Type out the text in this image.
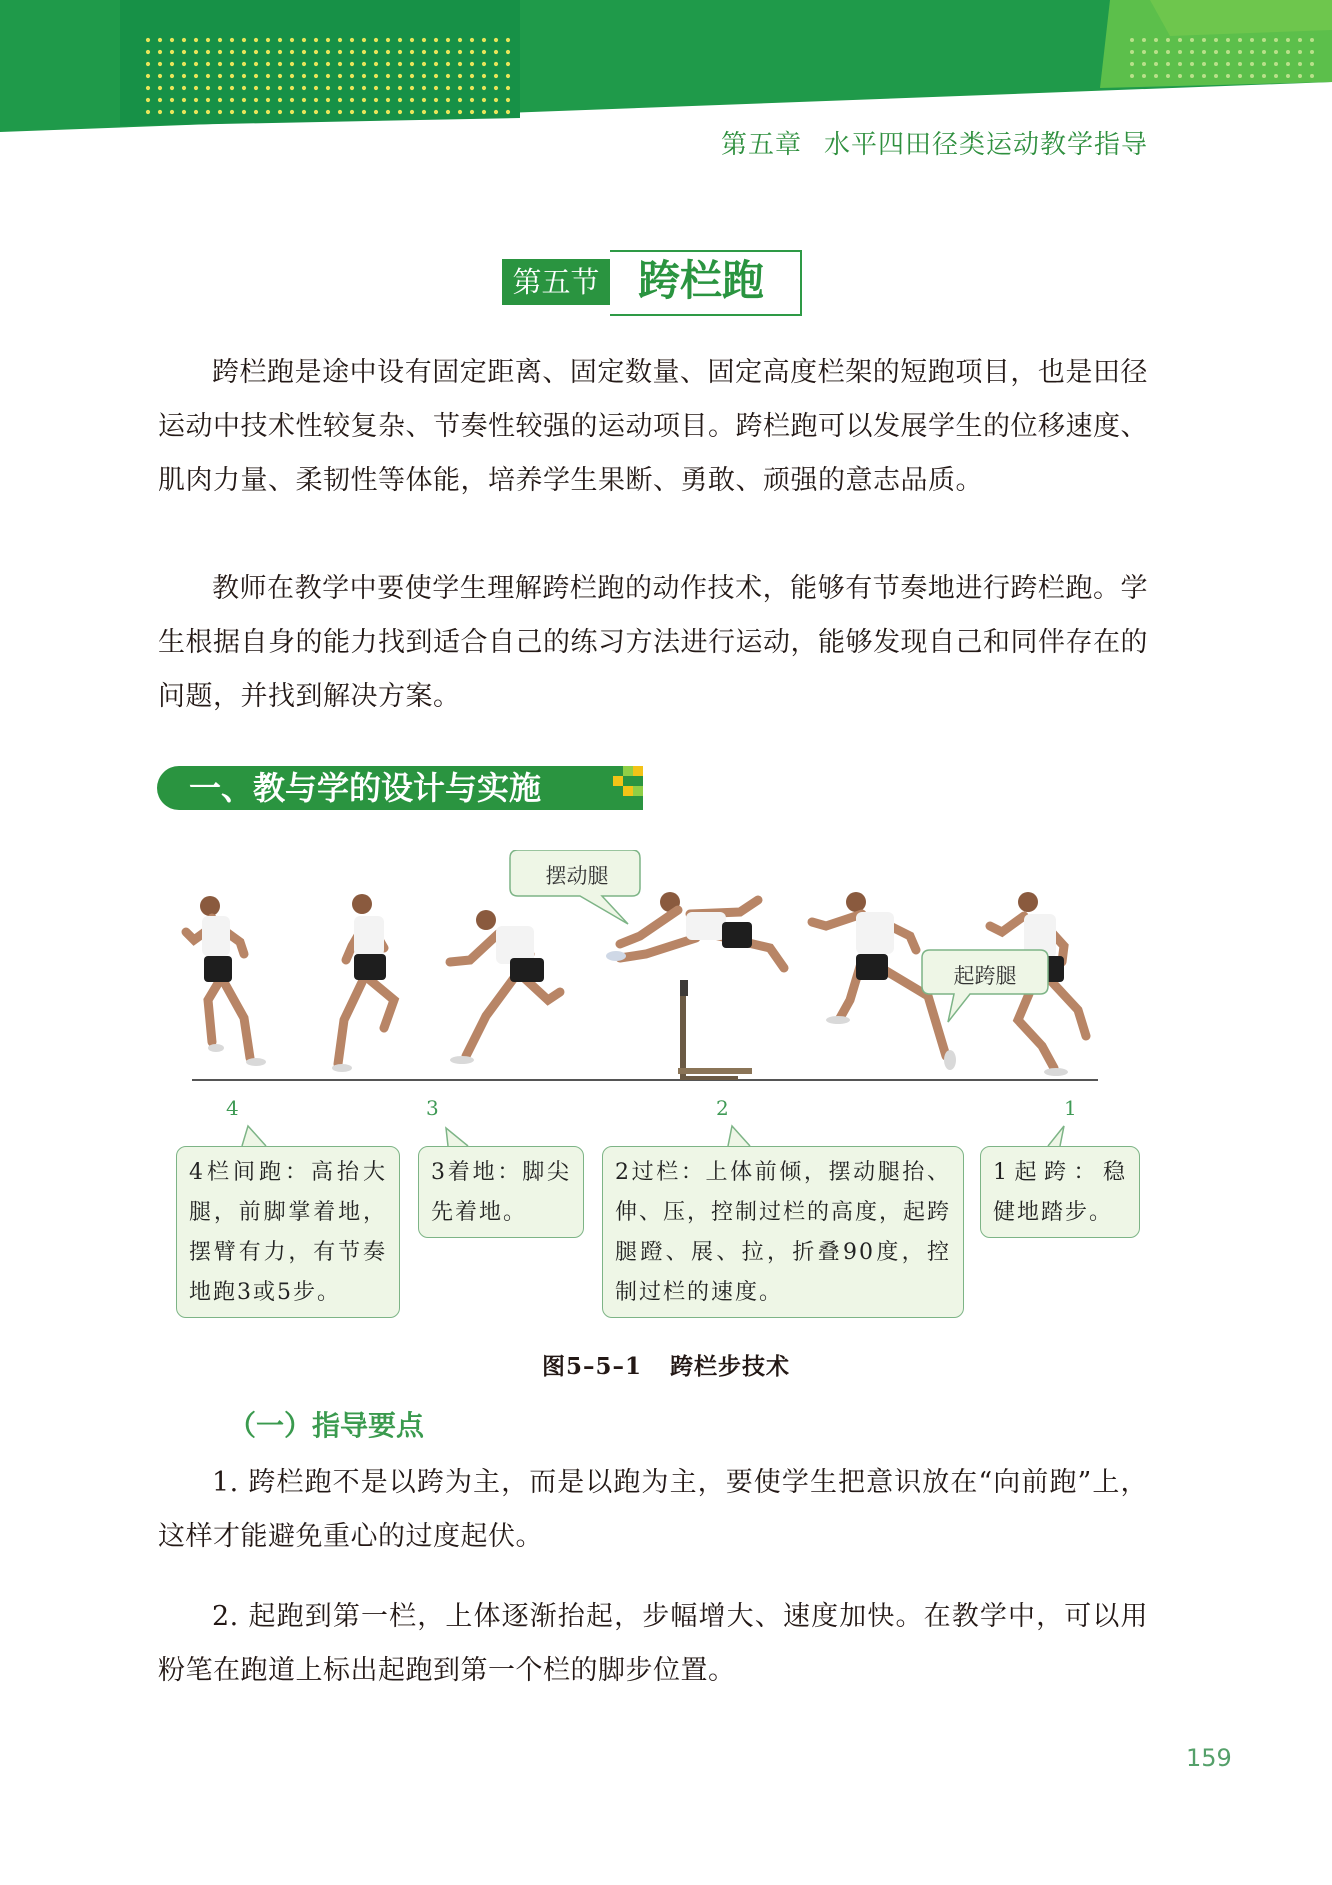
第五章 水平四田径类运动教学指导
第五节 跨栏跑

跨栏跑是途中设有固定距离、固定数量、固定高度栏架的短跑项目，也是田径运动中技术性较复杂、节奏性较强的运动项目。跨栏跑可以发展学生的位移速度、肌肉力量、柔韧性等体能，培养学生果断、勇敢、顽强的意志品质。

教师在教学中要使学生理解跨栏跑的动作技术，能够有节奏地进行跨栏跑。学生根据自身的能力找到适合自己的练习方法进行运动，能够发现自己和同伴存在的问题，并找到解决方案。

一、教与学的设计与实施
摆动腿
起跨腿
4	3	2	1
4栏间跑：高抬大腿，前脚掌着地，摆臂有力，有节奏地跑3或5步。
3着地：脚尖先着地。
2过栏：上体前倾，摆动腿抬、伸、压，控制过栏的高度，起跨腿蹬、展、拉，折叠90度，控制过栏的速度。
1起跨：稳健地踏步。
图5–5–1 跨栏步技术
（一）指导要点

1. 跨栏跑不是以跨为主，而是以跑为主，要使学生把意识放在“向前跑”上，这样才能避免重心的过度起伏。

2. 起跑到第一栏，上体逐渐抬起，步幅增大、速度加快。在教学中，可以用粉笔在跑道上标出起跑到第一个栏的脚步位置。

159
